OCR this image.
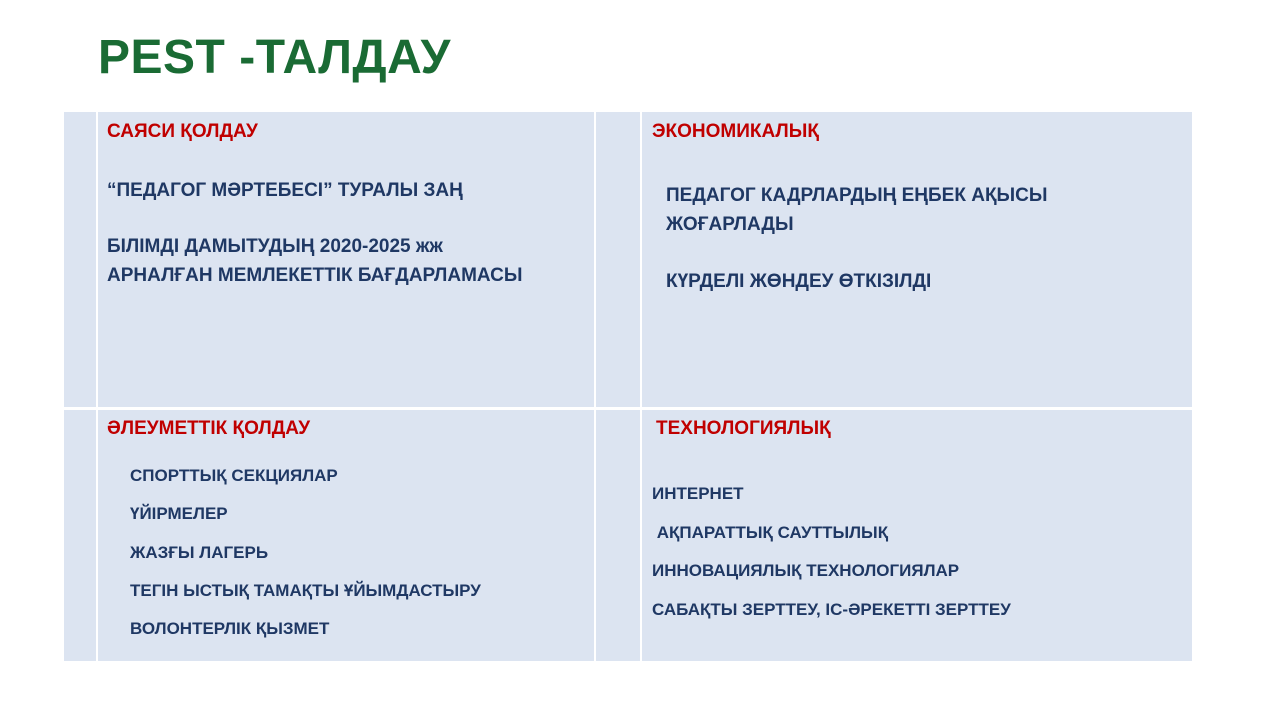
PEST -ТАЛДАУ
САЯСИ ҚОЛДАУ
“ПЕДАГОГ МӘРТЕБЕСІ” ТУРАЛЫ ЗАҢ
БІЛІМДІ ДАМЫТУДЫҢ 2020-2025 жж
АРНАЛҒАН МЕМЛЕКЕТТІК БАҒДАРЛАМАСЫ
ЭКОНОМИКАЛЫҚ
ПЕДАГОГ КАДРЛАРДЫҢ ЕҢБЕК АҚЫСЫ
ЖОҒАРЛАДЫ
КҮРДЕЛІ ЖӨНДЕУ ӨТКІЗІЛДІ
ӘЛЕУМЕТТІК ҚОЛДАУ
СПОРТТЫҚ СЕКЦИЯЛАР
ҮЙІРМЕЛЕР
ЖАЗҒЫ ЛАГЕРЬ
ТЕГІН ЫСТЫҚ ТАМАҚТЫ ҰЙЫМДАСТЫРУ
ВОЛОНТЕРЛІК ҚЫЗМЕТ
ТЕХНОЛОГИЯЛЫҚ
ИНТЕРНЕТ
АҚПАРАТТЫҚ САУТТЫЛЫҚ
ИННОВАЦИЯЛЫҚ ТЕХНОЛОГИЯЛАР
САБАҚТЫ ЗЕРТТЕУ, ІС-ӘРЕКЕТТІ ЗЕРТТЕУ
